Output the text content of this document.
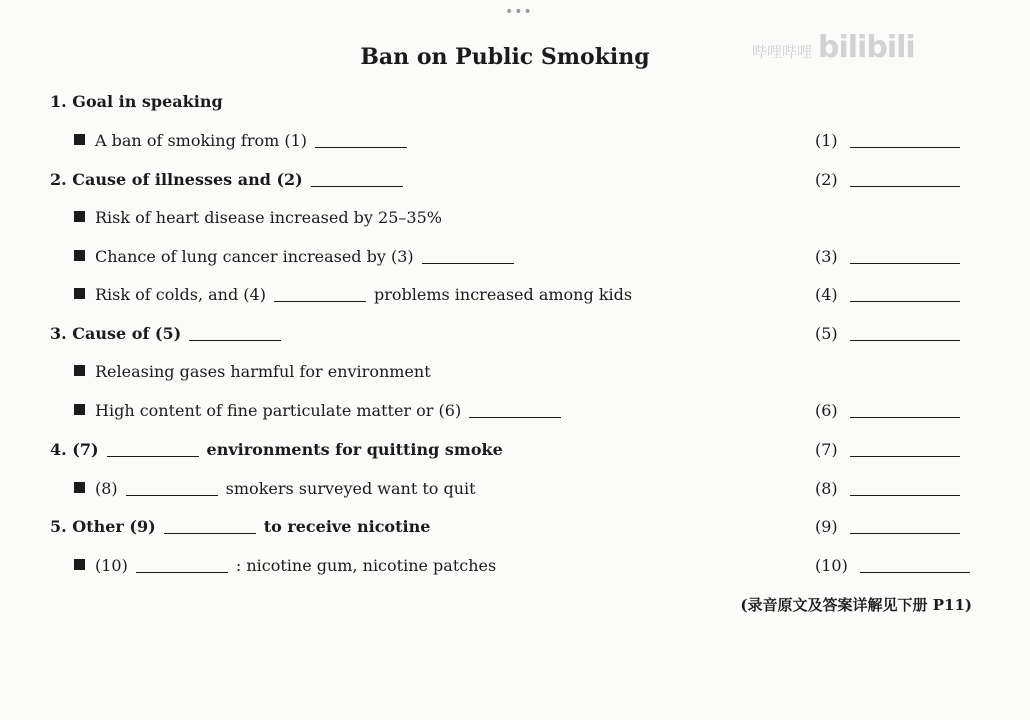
•••
哔哩哔哩 bilibili
Ban on Public Smoking
1. Goal in speaking
A ban of smoking from (1)	(1)
2. Cause of illnesses and (2)	(2)
Risk of heart disease increased by 25–35%
Chance of lung cancer increased by (3)	(3)
Risk of colds, and (4)	problems increased among kids	(4)
3. Cause of (5)	(5)
Releasing gases harmful for environment
High content of fine particulate matter or (6)	(6)
4. (7)	environments for quitting smoke	(7)
(8)	smokers surveyed want to quit	(8)
5. Other (9)	to receive nicotine	(9)
(10)	: nicotine gum, nicotine patches	(10)
(录音原文及答案详解见下册 P11)
